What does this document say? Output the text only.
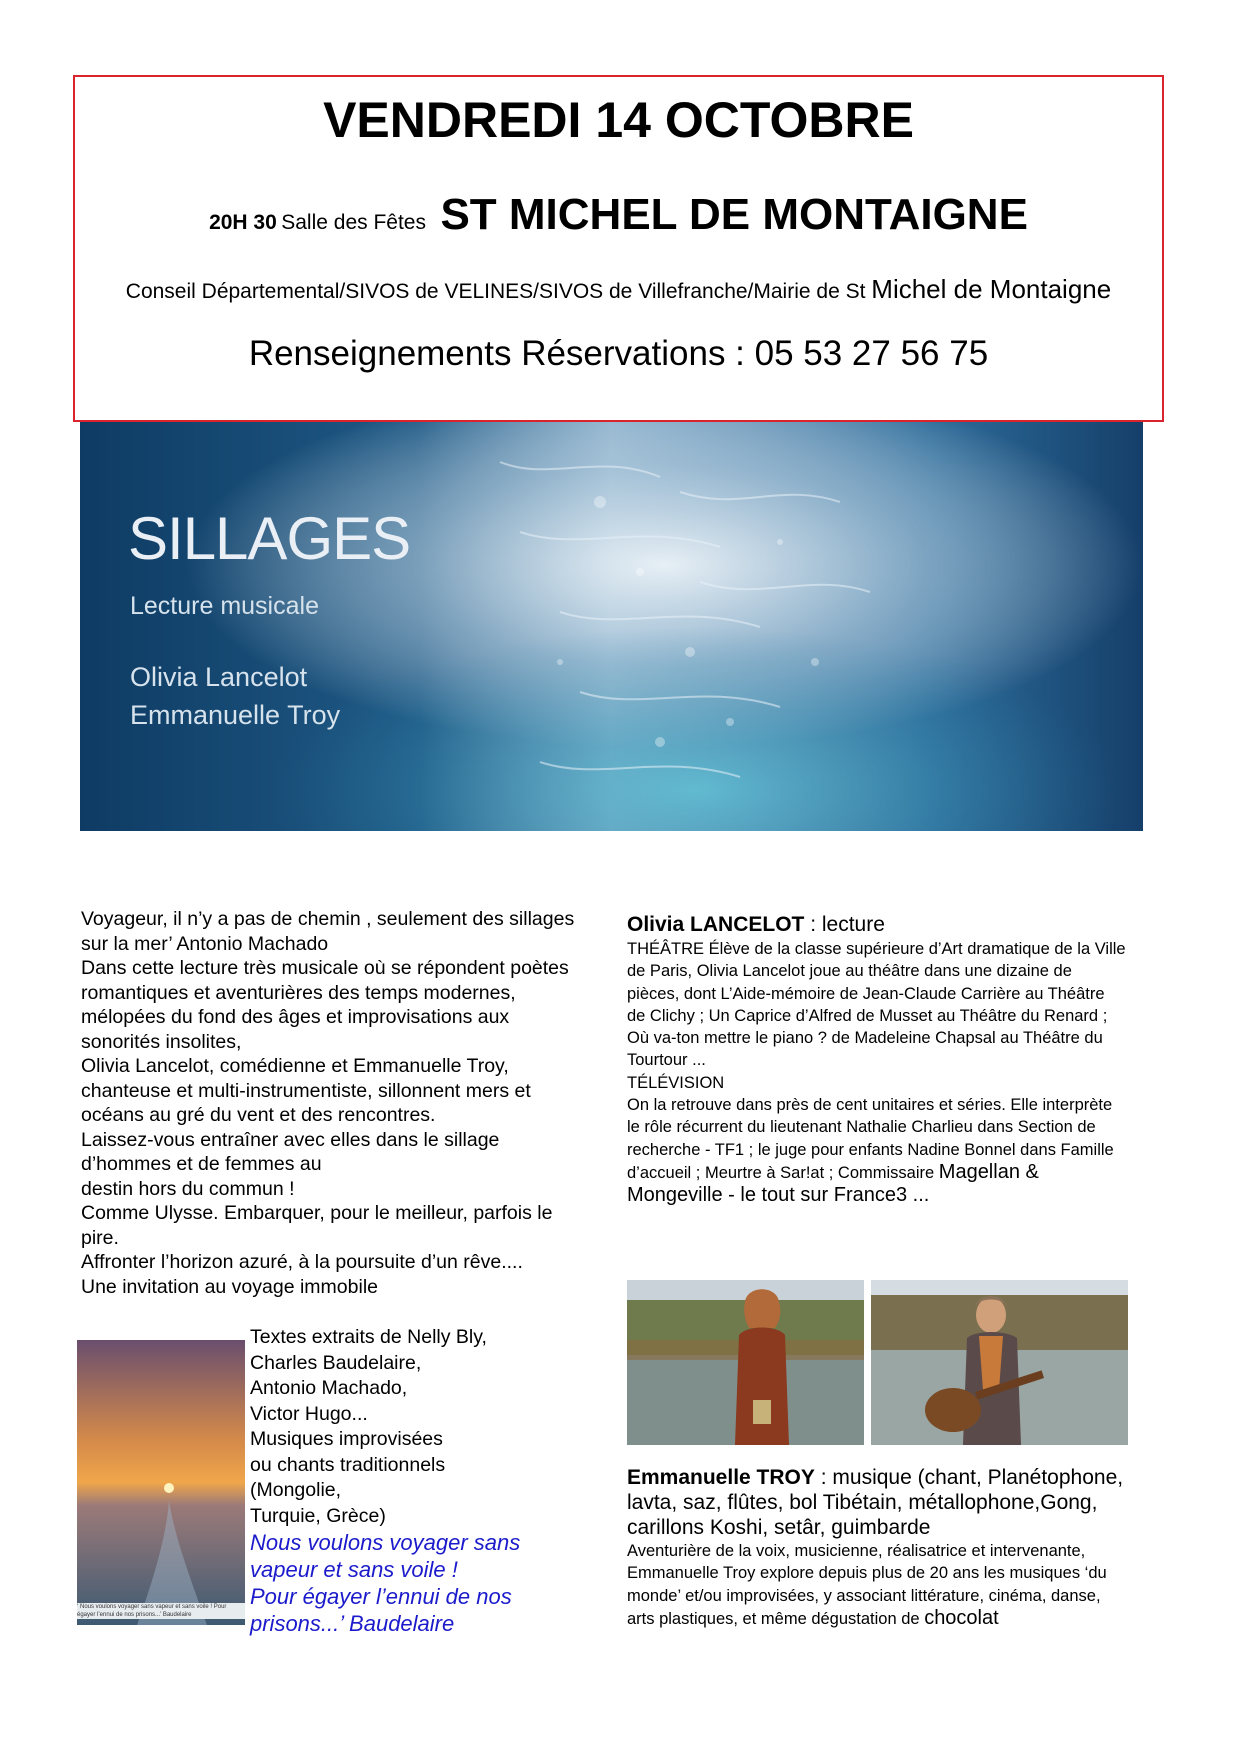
VENDREDI 14 OCTOBRE
20H 30 Salle des Fêtes ST MICHEL DE MONTAIGNE
Conseil Départemental/SIVOS de VELINES/SIVOS de Villefranche/Mairie de St Michel de Montaigne
Renseignements Réservations : 05 53 27 56 75
SILLAGES
Lecture musicale
Olivia Lancelot
Emmanuelle Troy

Voyageur, il n’y a pas de chemin , seulement des sillages sur la mer’ Antonio Machado

Dans cette lecture très musicale où se répondent poètes romantiques et aventurières des temps modernes, mélopées du fond des âges et improvisations aux sonorités insolites,

Olivia Lancelot, comédienne et Emmanuelle Troy, chanteuse et multi-instrumentiste, sillonnent mers et océans au gré du vent et des rencontres.

Laissez-vous entraîner avec elles dans le sillage d’hommes et de femmes au

destin hors du commun !

Comme Ulysse. Embarquer, pour le meilleur, parfois le pire.

Affronter l’horizon azuré, à la poursuite d’un rêve....

Une invitation au voyage immobile

‘ Nous voulons voyager sans vapeur et sans voile ! Pour égayer l’ennui de nos prisons...’ Baudelaire

Textes extraits de Nelly Bly,

Charles Baudelaire,

Antonio Machado,

Victor Hugo...

Musiques improvisées

ou chants traditionnels

(Mongolie,

Turquie, Grèce)

Nous voulons voyager sans

vapeur et sans voile !

Pour égayer l’ennui de nos

prisons...’ Baudelaire

Olivia LANCELOT : lecture

THÉÂTRE Élève de la classe supérieure d’Art dramatique de la Ville de Paris, Olivia Lancelot joue au théâtre dans une dizaine de pièces, dont L’Aide-mémoire de Jean-Claude Carrière au Théâtre de Clichy ; Un Caprice d’Alfred de Musset au Théâtre du Renard ; Où va-ton mettre le piano ? de Madeleine Chapsal au Théâtre du Tourtour ...

TÉLÉVISION

On la retrouve dans près de cent unitaires et séries. Elle interprète le rôle récurrent du lieutenant Nathalie Charlieu dans Section de recherche - TF1 ; le juge pour enfants Nadine Bonnel dans Famille d’accueil ; Meurtre à Sar!at ; Commissaire Magellan & Mongeville - le tout sur France3 ...

Emmanuelle TROY : musique (chant, Planétophone, lavta, saz, flûtes, bol Tibétain, métallophone,Gong, carillons Koshi, setâr, guimbarde

Aventurière de la voix, musicienne, réalisatrice et intervenante, Emmanuelle Troy explore depuis plus de 20 ans les musiques ‘du monde’ et/ou improvisées, y associant littérature, cinéma, danse, arts plastiques, et même dégustation de chocolat
